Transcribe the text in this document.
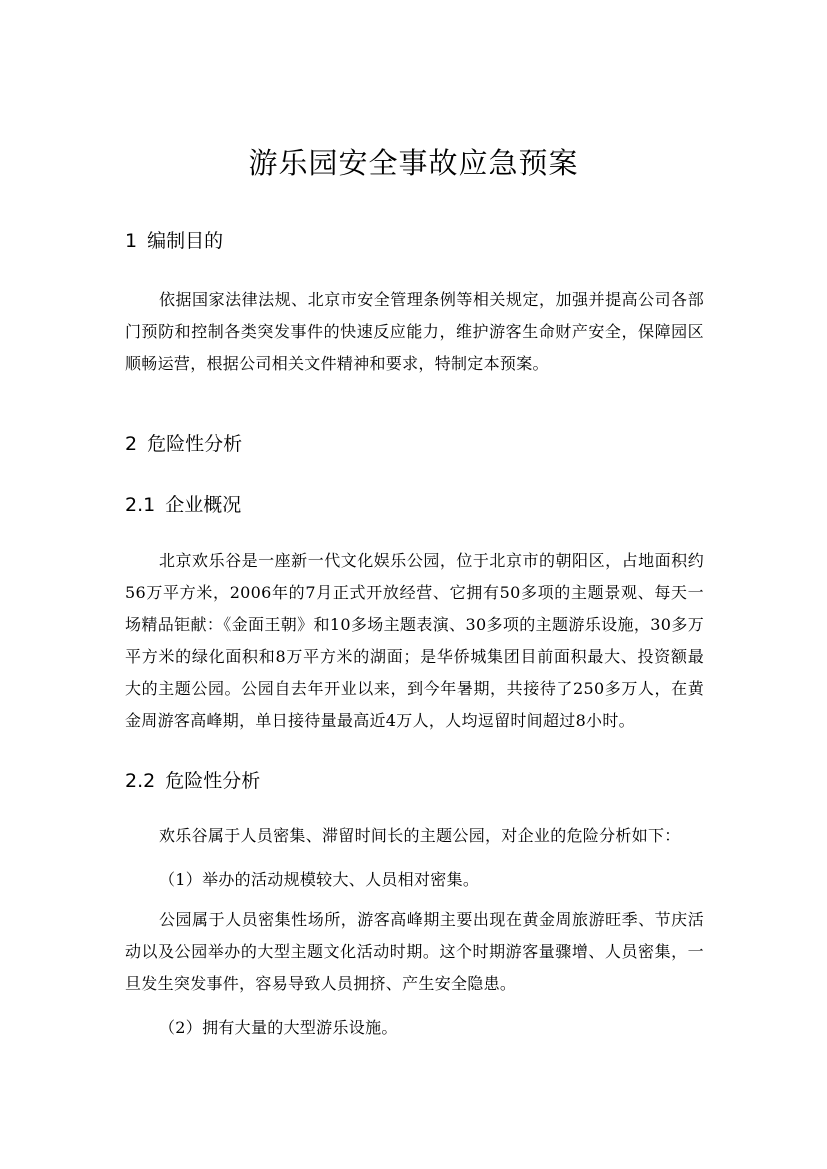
游乐园安全事故应急预案
1 编制目的
依据国家法律法规、北京市安全管理条例等相关规定，加强并提高公司各部门预防和控制各类突发事件的快速反应能力，维护游客生命财产安全，保障园区顺畅运营，根据公司相关文件精神和要求，特制定本预案。
2 危险性分析
2.1 企业概况
北京欢乐谷是一座新一代文化娱乐公园，位于北京市的朝阳区，占地面积约56万平方米，2006年的7月正式开放经营、它拥有50多项的主题景观、每天一场精品钜献：《金面王朝》和10多场主题表演、30多项的主题游乐设施，30多万平方米的绿化面积和8万平方米的湖面；是华侨城集团目前面积最大、投资额最大的主题公园。公园自去年开业以来，到今年暑期，共接待了250多万人，在黄金周游客高峰期，单日接待量最高近4万人，人均逗留时间超过8小时。
2.2 危险性分析
欢乐谷属于人员密集、滞留时间长的主题公园，对企业的危险分析如下：
（1）举办的活动规模较大、人员相对密集。
公园属于人员密集性场所，游客高峰期主要出现在黄金周旅游旺季、节庆活动以及公园举办的大型主题文化活动时期。这个时期游客量骤增、人员密集，一旦发生突发事件，容易导致人员拥挤、产生安全隐患。
（2）拥有大量的大型游乐设施。
